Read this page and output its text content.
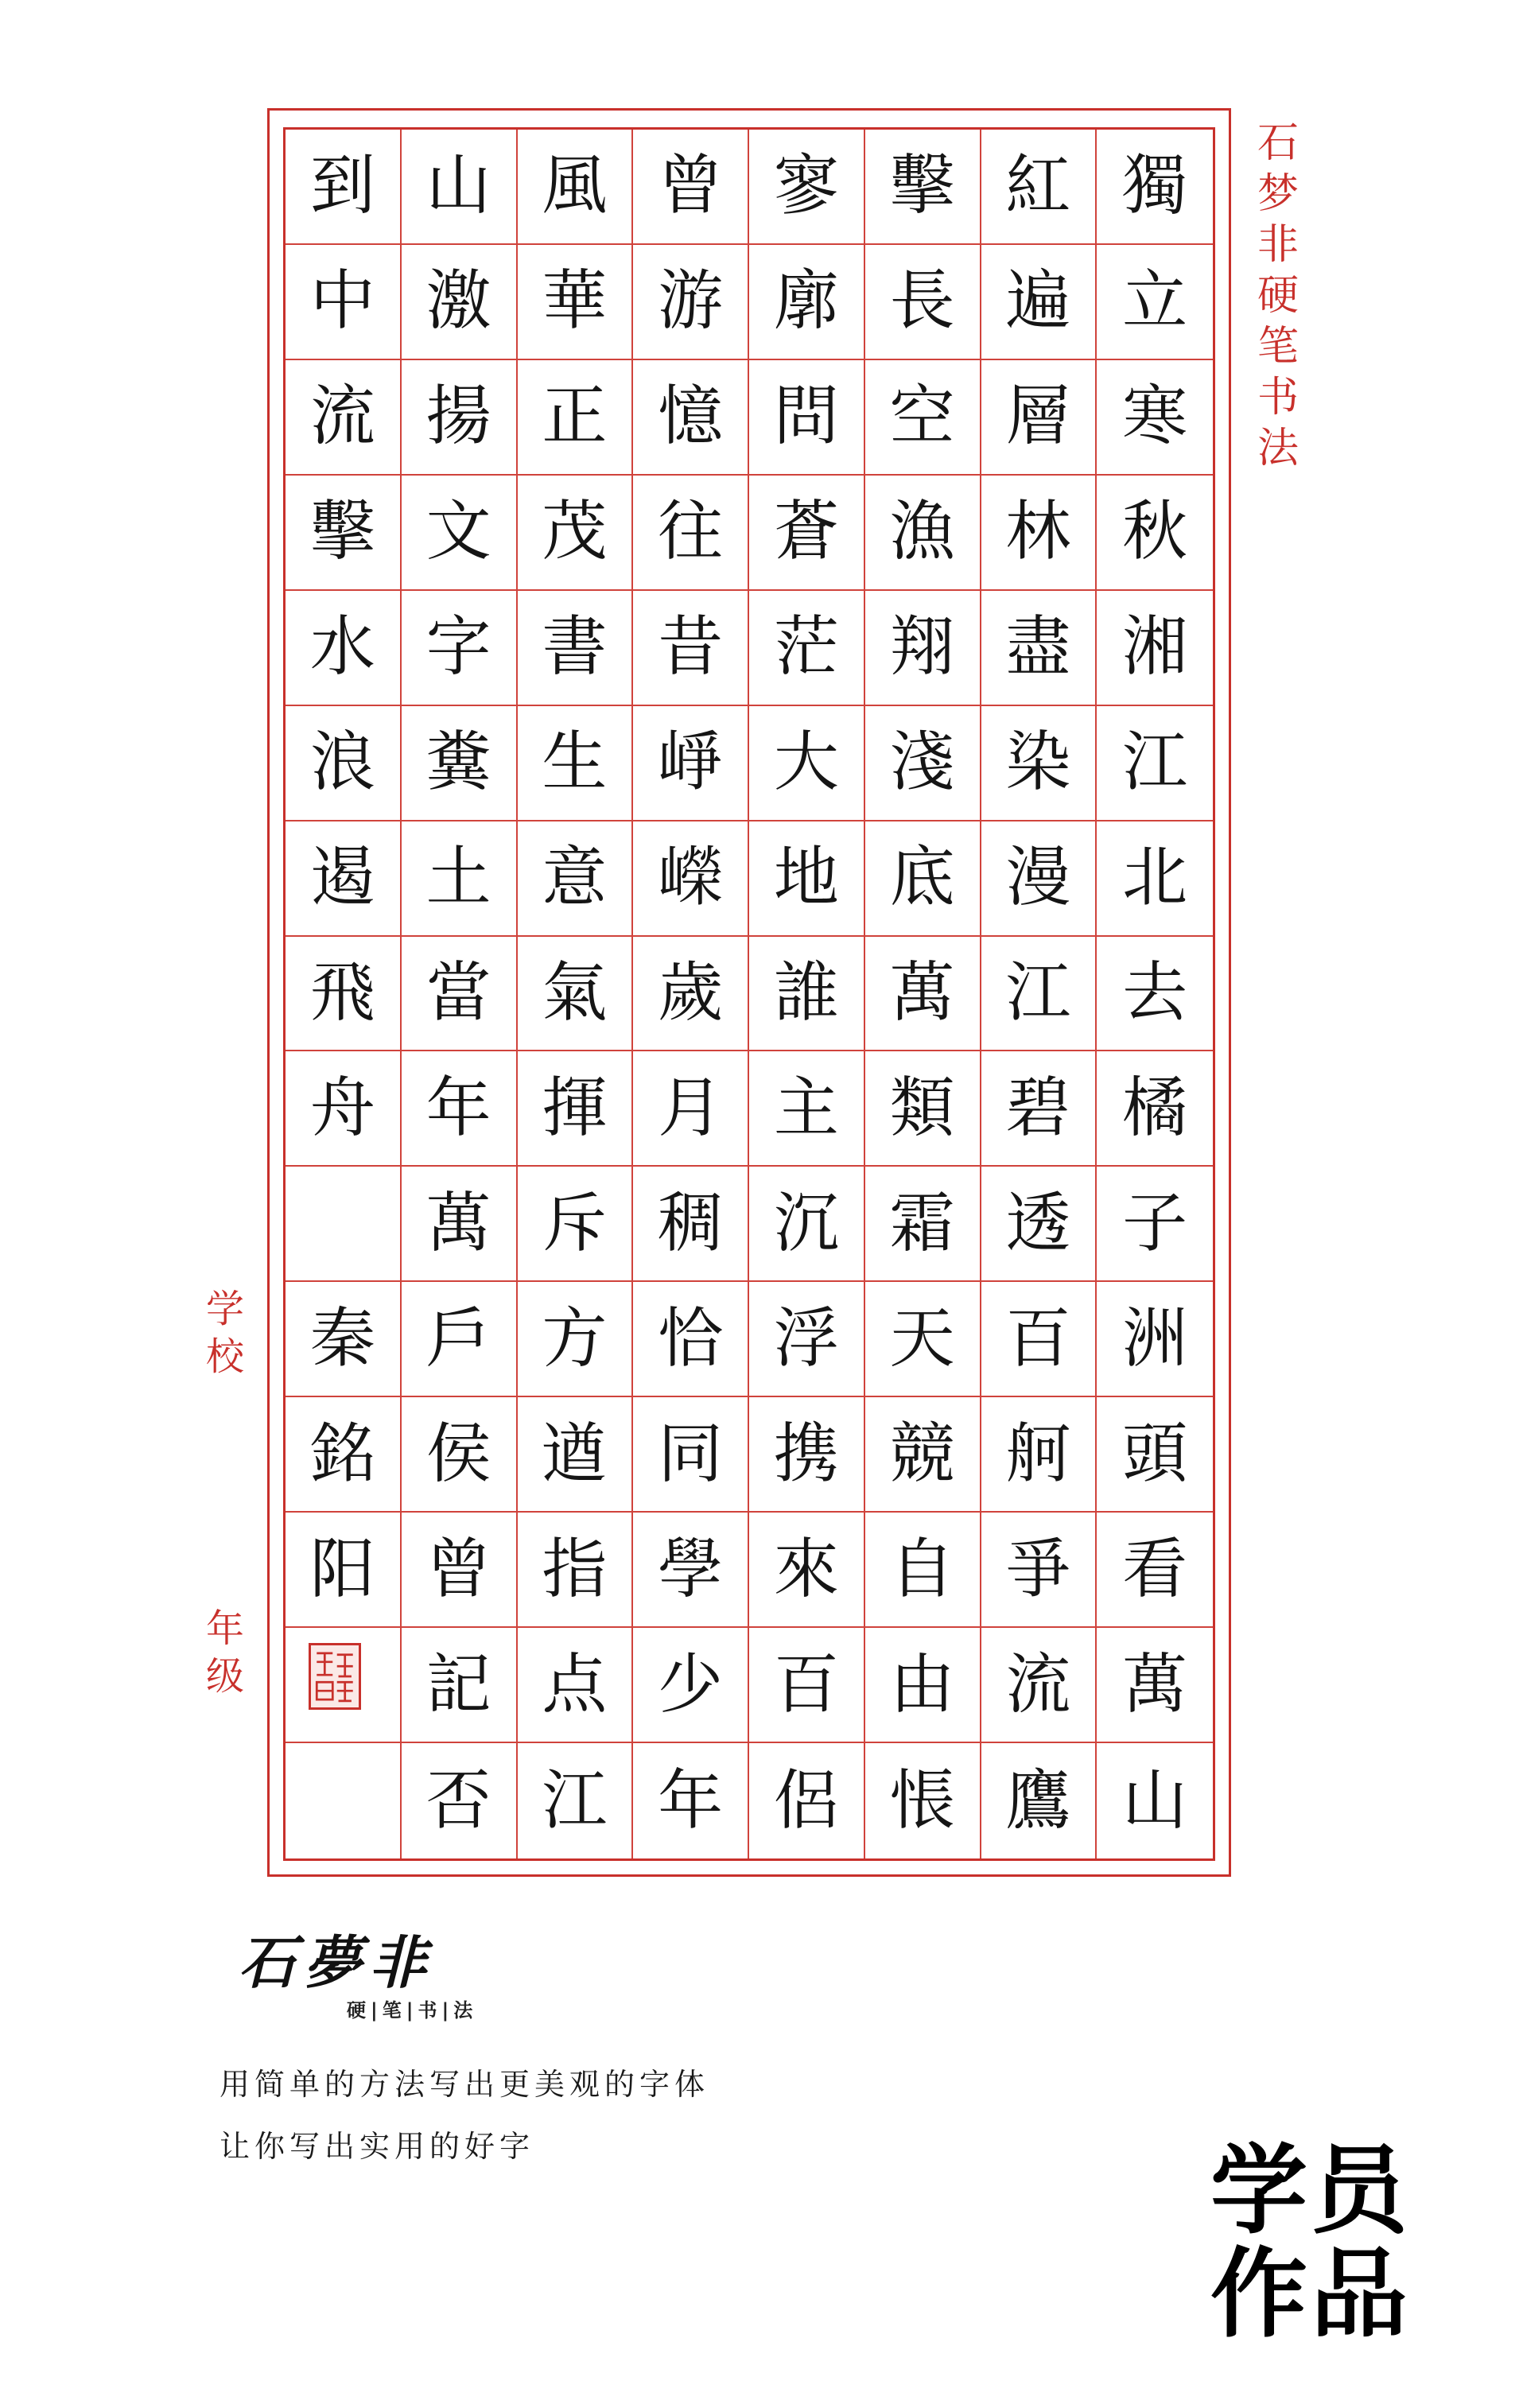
石梦非硬笔书法
到 山 風 曾 寥 擊 紅 獨
中 激 華 游 廓 長 遍 立
流 揚 正 憶 問 空 層 寒
擊 文 茂 往 蒼 漁 林 秋
水 字 書 昔 茫 翔 盡 湘
浪 糞 生 崢 大 淺 染 江
遏 土 意 嶸 地 底 漫 北
飛 當 氣 歲 誰 萬 江 去
舟 年 揮 月 主 類 碧 橘
萬 斥 稠 沉 霜 透 子
秦 戶 方 恰 浮 天 百 洲
銘 侯 遒 同 携 競 舸 頭
阳 曾 指 學 來 自 爭 看
記 点 少 百 由 流 萬
否 江 年 侶 悵 鷹 山
学校
年级
石夢非
硬|笔|书|法
用简单的方法写出更美观的字体
让你写出实用的好字	学员
作品
